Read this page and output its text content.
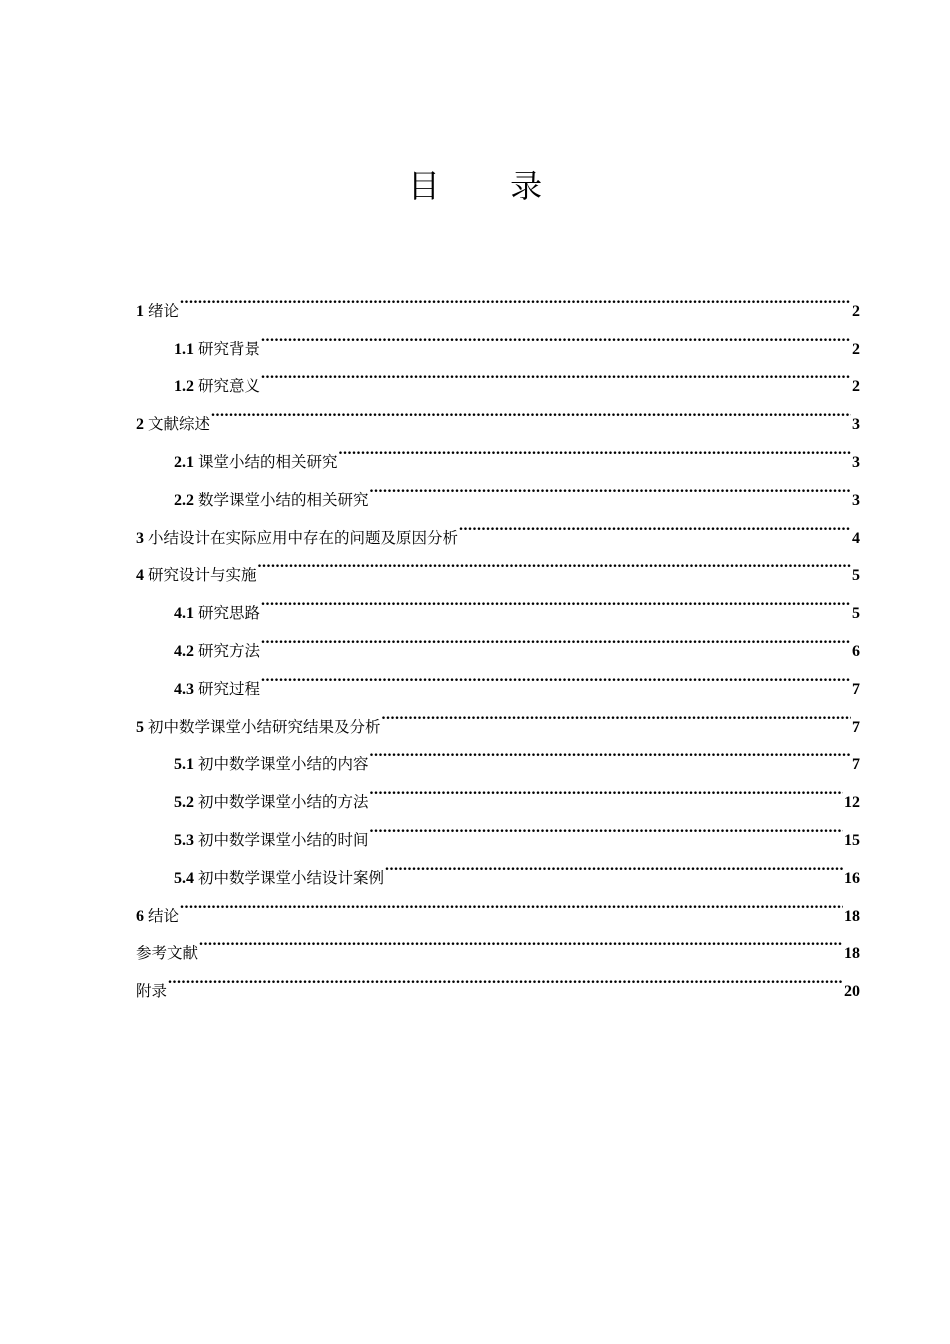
目 录
1 绪论 .....	2
1.1 研究背景 .....	2
1.2 研究意义 .....	2
2 文献综述 .....	3
2.1 课堂小结的相关研究 .....	3
2.2 数学课堂小结的相关研究 .....	3
3 小结设计在实际应用中存在的问题及原因分析 .....	4
4 研究设计与实施 .....	5
4.1 研究思路 .....	5
4.2 研究方法 .....	6
4.3 研究过程 .....	7
5 初中数学课堂小结研究结果及分析 .....	7
5.1 初中数学课堂小结的内容 .....	7
5.2 初中数学课堂小结的方法 .....	12
5.3 初中数学课堂小结的时间 .....	15
5.4 初中数学课堂小结设计案例 .....	16
6 结论 .....	18
参考文献 .....	18
附录 .....	20
